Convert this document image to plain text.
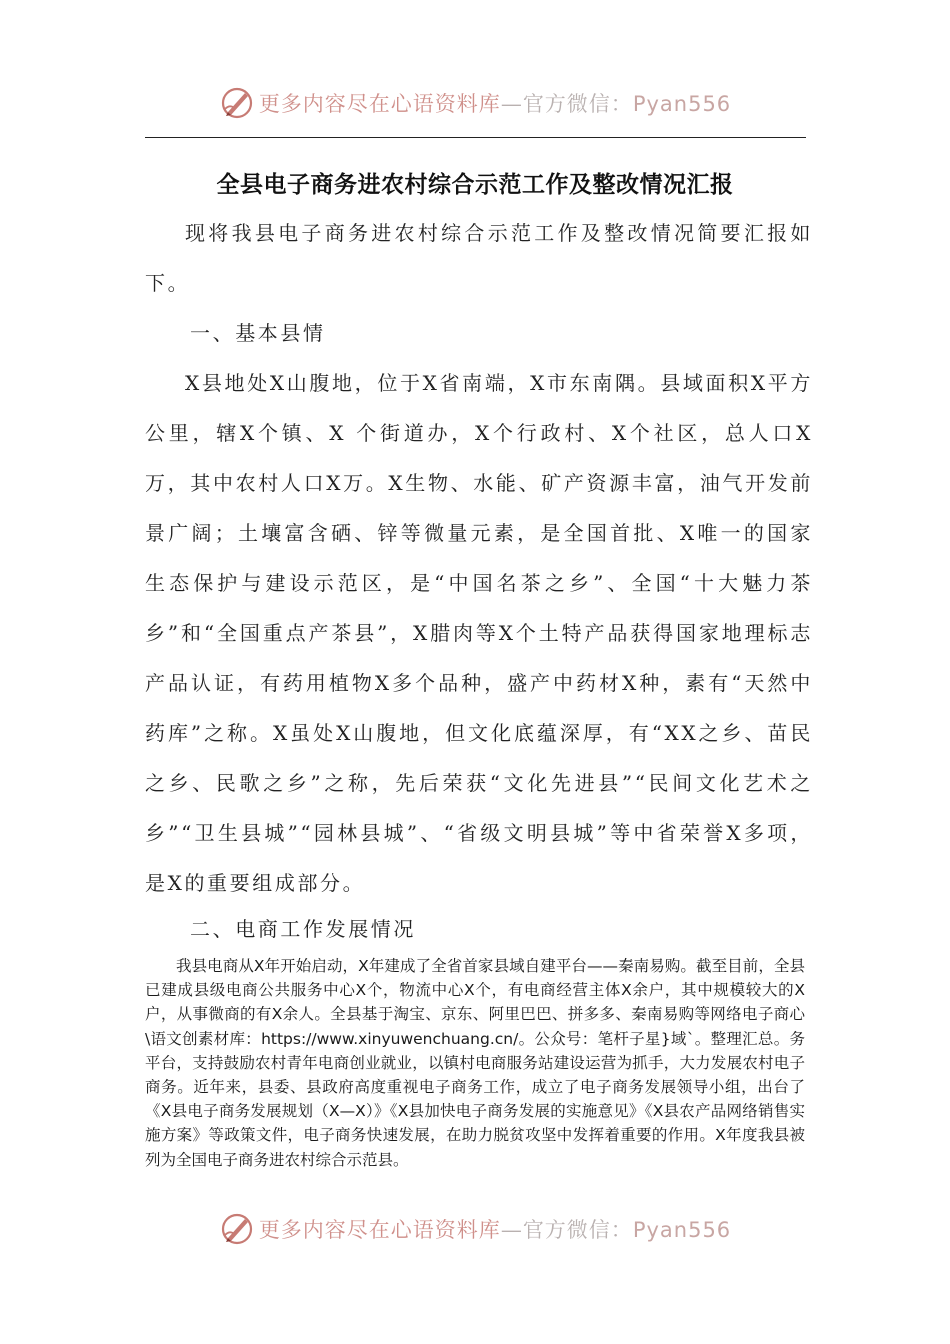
更多内容尽在心语资料库—官方微信：Pyan556
全县电子商务进农村综合示范工作及整改情况汇报

现将我县电子商务进农村综合示范工作及整改情况简要汇报如下。

一、基本县情

X县地处X山腹地，位于X省南端，X市东南隅。县域面积X平方公里，辖X个镇、X 个街道办，X个行政村、X个社区，总人口X万，其中农村人口X万。X生物、水能、矿产资源丰富，油气开发前景广阔；土壤富含硒、锌等微量元素，是全国首批、X唯一的国家生态保护与建设示范区，是“中国名茶之乡”、全国“十大魅力茶乡”和“全国重点产茶县”，X腊肉等X个土特产品获得国家地理标志产品认证，有药用植物X多个品种，盛产中药材X种，素有“天然中药库”之称。X虽处X山腹地，但文化底蕴深厚，有“XX之乡、苗民之乡、民歌之乡”之称，先后荣获“文化先进县”“民间文化艺术之乡”“卫生县城”“园林县城”、“省级文明县城”等中省荣誉X多项，是X的重要组成部分。

二、电商工作发展情况

我县电商从X年开始启动，X年建成了全省首家县域自建平台——秦南易购。截至目前，全县已建成县级电商公共服务中心X个，物流中心X个，有电商经营主体X余户，其中规模较大的X户，从事微商的有X余人。全县基于淘宝、京东、阿里巴巴、拼多多、秦南易购等网络电子商心\语文创素材库：https://www.xinyuwenchuang.cn/。公众号：笔杆子星}域`。整理汇总。务平台，支持鼓励农村青年电商创业就业，以镇村电商服务站建设运营为抓手，大力发展农村电子商务。近年来，县委、县政府高度重视电子商务工作，成立了电子商务发展领导小组，出台了《X县电子商务发展规划（X—X）》《X县加快电子商务发展的实施意见》《X县农产品网络销售实施方案》等政策文件，电子商务快速发展，在助力脱贫攻坚中发挥着重要的作用。X年度我县被列为全国电子商务进农村综合示范县。

更多内容尽在心语资料库—官方微信：Pyan556
